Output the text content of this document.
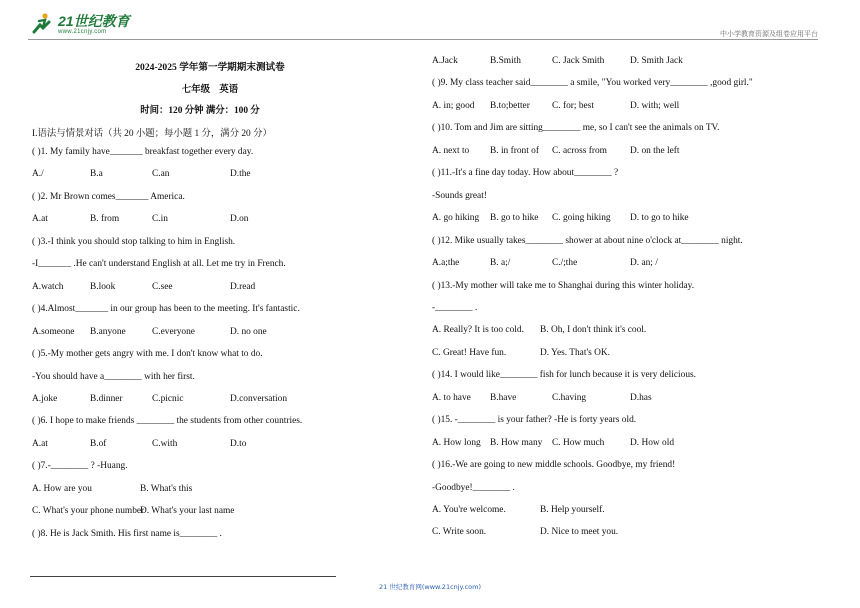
21世纪教育
www.21cnjy.com	中小学教育资源及组卷应用平台
2024-2025 学年第一学期期末测试卷
七年级 英语
时间：120 分钟 满分：100 分
I.语法与情景对话（共 20 小题；每小题 1 分，满分 20 分）
( )1. My family have_______ breakfast together every day.
A./	B.a	C.an	D.the
( )2. Mr Brown comes_______ America.
A.at	B. from	C.in	D.on
( )3.-I think you should stop talking to him in English.
-I_______ .He can't understand English at all. Let me try in French.
A.watch	B.look	C.see	D.read
( )4.Almost_______ in our group has been to the meeting. It's fantastic.
A.someone B.anyone	C.everyone	D. no one
( )5.-My mother gets angry with me. I don't know what to do.
-You should have a________ with her first.
A.joke	B.dinner	C.picnic	D.conversation
( )6. I hope to make friends ________ the students from other countries.
A.at	B.of	C.with	D.to
( )7.-________ ? -Huang.
A. How are you	B. What's this
C. What's your phone number
D. What's your last name
( )8. He is Jack Smith. His first name is________ .
A.Jack	B.Smith	C. Jack Smith	D. Smith Jack
( )9. My class teacher said________ a smile, "You worked very________ ,good girl."
A. in; good B.to;better C. for; best	D. with; well
( )10. Tom and Jim are sitting________ me, so I can't see the animals on TV.
A. next to B. in front of C. across from D. on the left
( )11.-It's a fine day today. How about________ ?
-Sounds great!
A. go hiking B. go to hike C. going hiking D. to go to hike
( )12. Mike usually takes________ shower at about nine o'clock at________ night.
A.a;the	B. a;/	C./;the	D. an; /
( )13.-My mother will take me to Shanghai during this winter holiday.
-________ .
A. Really? It is too cold. B. Oh, I don't think it's cool.
C. Great! Have fun.	D. Yes. That's OK.
( )14. I would like________ fish for lunch because it is very delicious.
A. to have B.have	C.having	D.has
( )15. -________ is your father? -He is forty years old.
A. How long B. How many C. How much	D. How old
( )16.-We are going to new middle schools. Goodbye, my friend!
-Goodbye!________ .
A. You're welcome.	B. Help yourself.
C. Write soon.	D. Nice to meet you.
21 世纪教育网(www.21cnjy.com)
